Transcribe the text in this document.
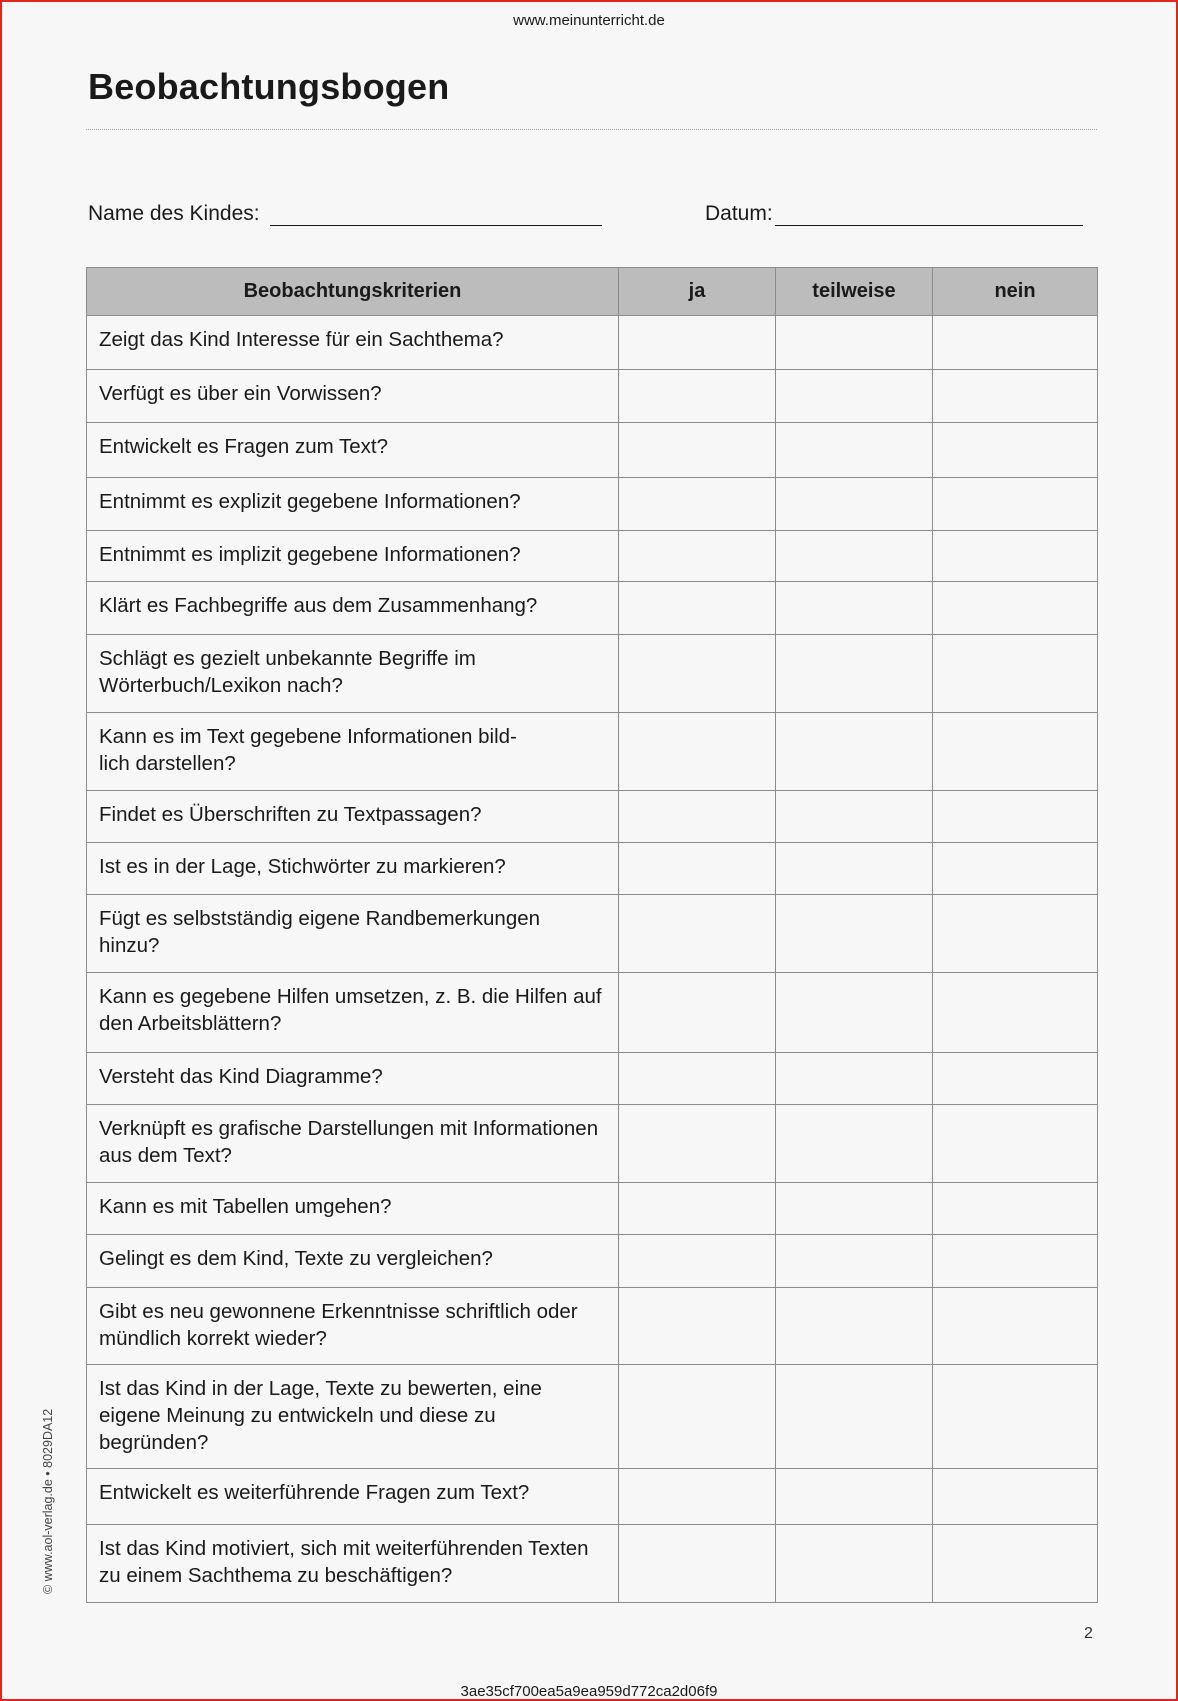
www.meinunterricht.de
Beobachtungsbogen
Name des Kindes:	Datum:
Beobachtungskriterien	ja	teilweise	nein
Zeigt das Kind Interesse für ein Sachthema?			
Verfügt es über ein Vorwissen?			
Entwickelt es Fragen zum Text?			
Entnimmt es explizit gegebene Informationen?			
Entnimmt es implizit gegebene Informationen?			
Klärt es Fachbegriffe aus dem Zusammenhang?			
Schlägt es gezielt unbekannte Begriffe im Wörterbuch/Lexikon nach?			
Kann es im Text gegebene Informationen bild-
lich darstellen?			
Findet es Überschriften zu Textpassagen?			
Ist es in der Lage, Stichwörter zu markieren?			
Fügt es selbstständig eigene Randbemerkungen hinzu?			
Kann es gegebene Hilfen umsetzen, z. B. die Hilfen auf den Arbeitsblättern?			
Versteht das Kind Diagramme?			
Verknüpft es grafische Darstellungen mit Informationen aus dem Text?			
Kann es mit Tabellen umgehen?			
Gelingt es dem Kind, Texte zu vergleichen?			
Gibt es neu gewonnene Erkenntnisse schriftlich oder mündlich korrekt wieder?			
Ist das Kind in der Lage, Texte zu bewerten, eine eigene Meinung zu entwickeln und diese zu begründen?			
Entwickelt es weiterführende Fragen zum Text?			
Ist das Kind motiviert, sich mit weiterführenden Texten zu einem Sachthema zu beschäftigen?			
2
3ae35cf700ea5a9ea959d772ca2d06f9
© www.aol-verlag.de • 8029DA12
